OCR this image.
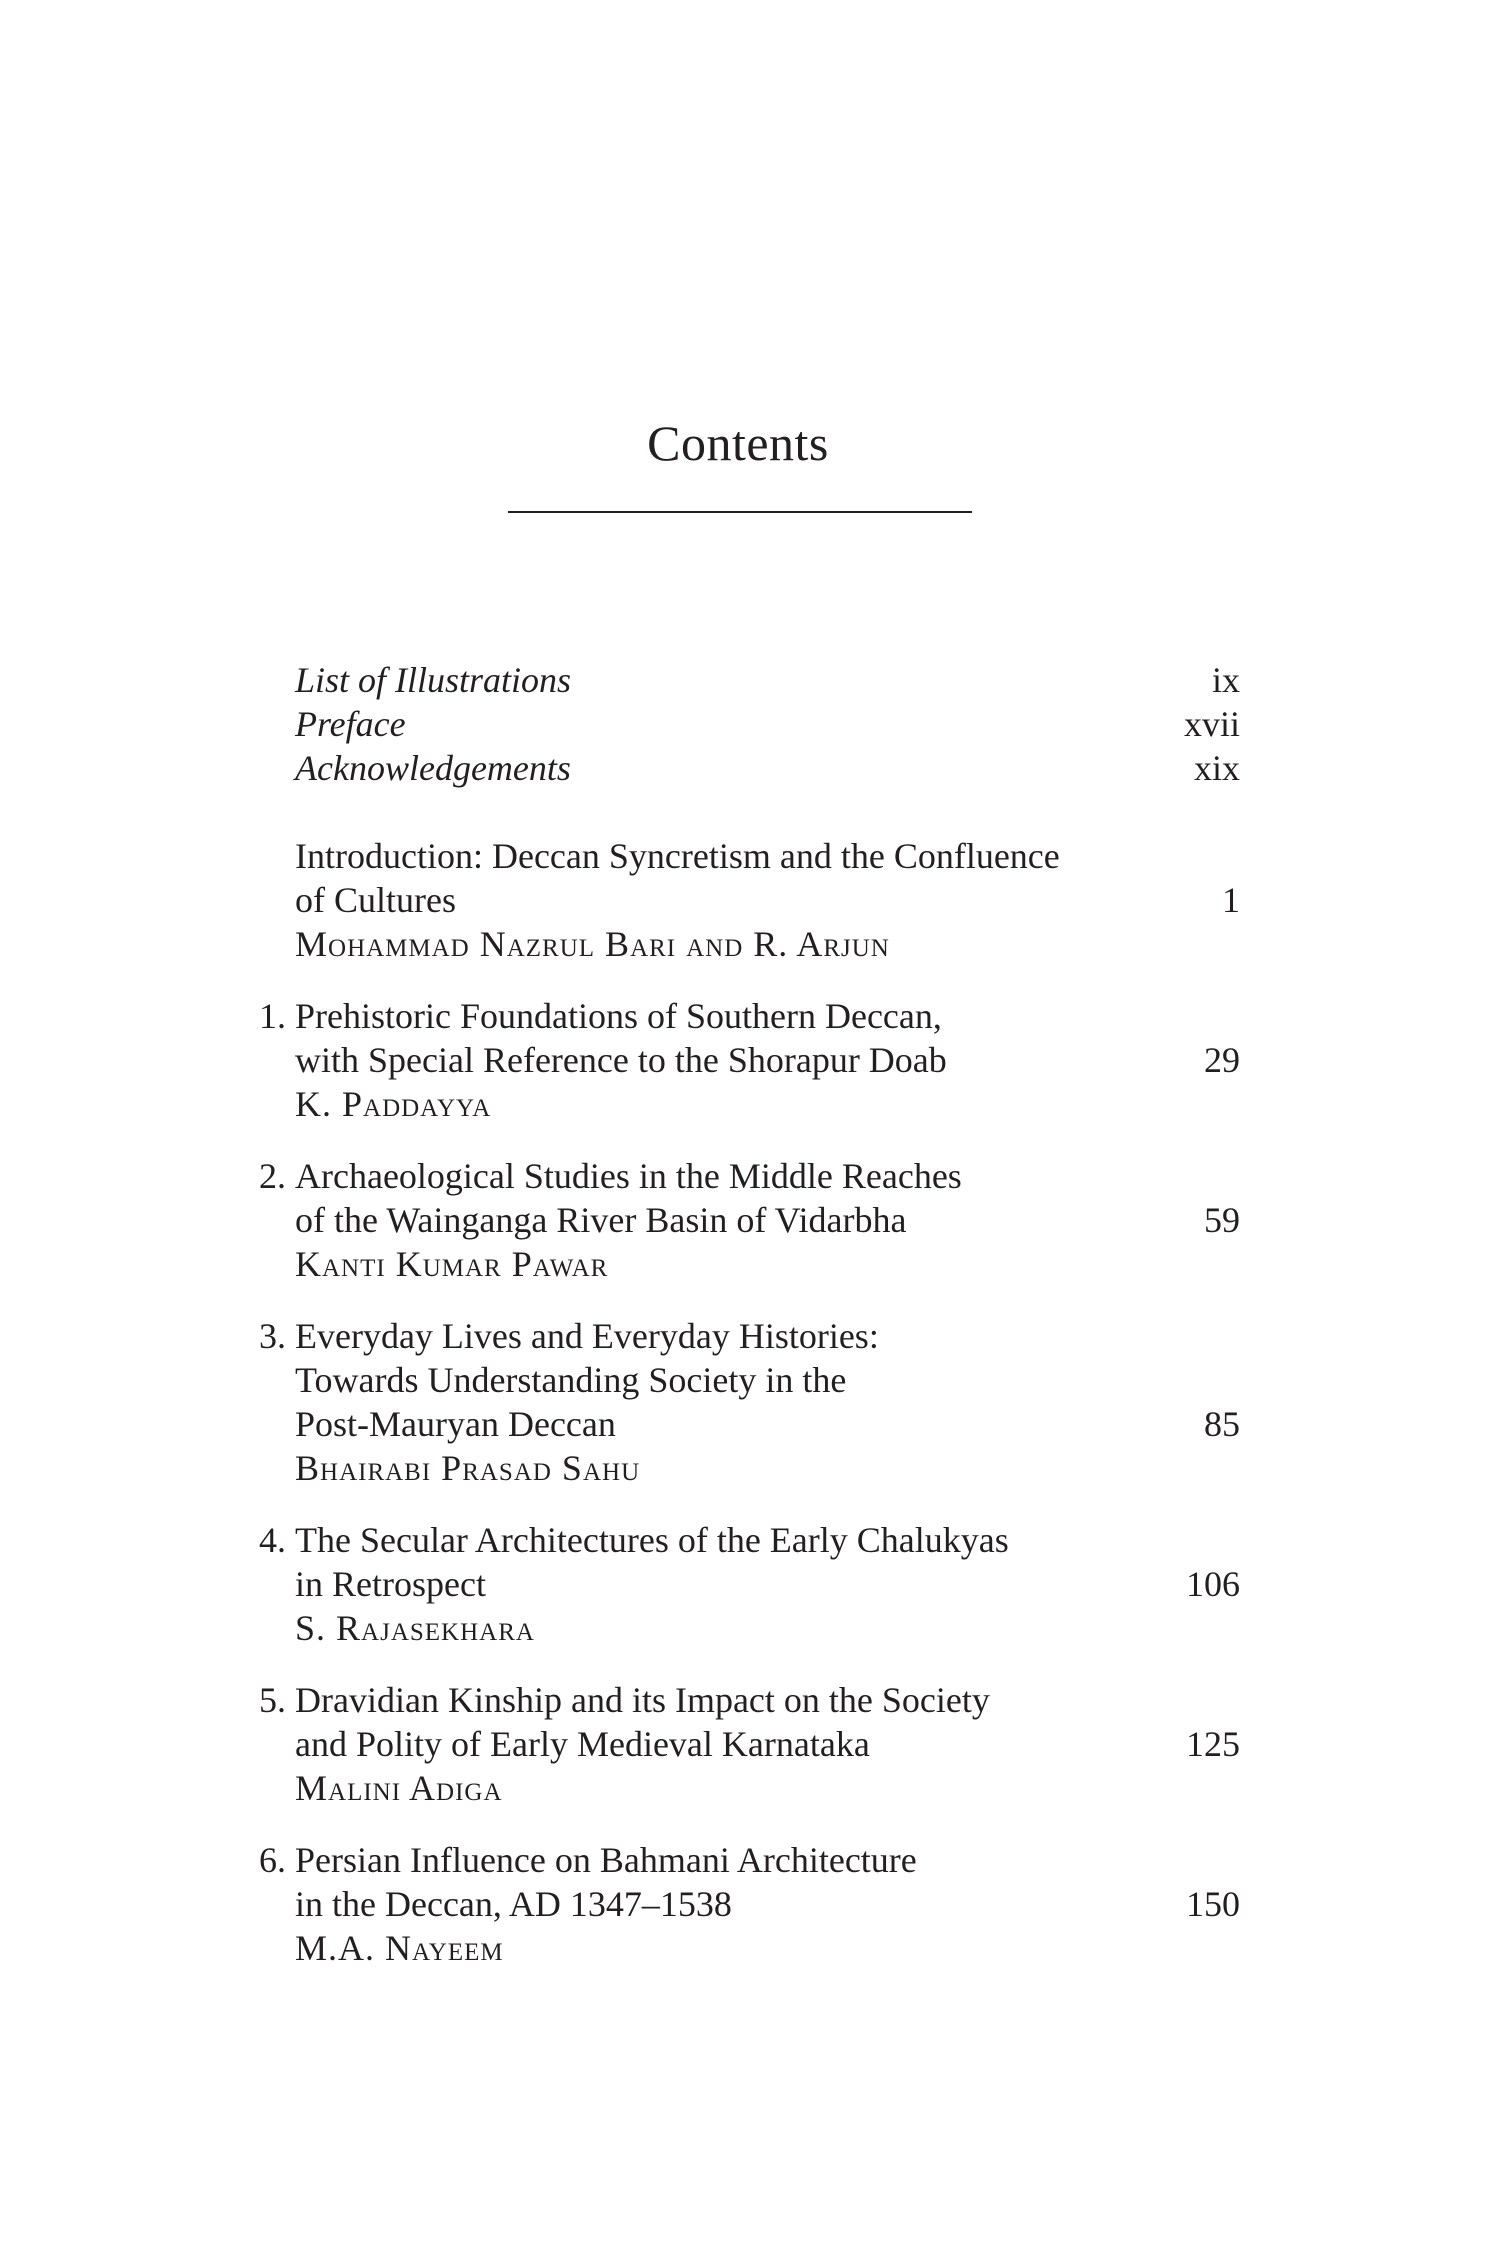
Contents
List of Illustrations	ix
Preface	xvii
Acknowledgements	xix
Introduction: Deccan Syncretism and the Confluence
of Cultures	1
Mohammad Nazrul Bari and R. Arjun
1. Prehistoric Foundations of Southern Deccan,
with Special Reference to the Shorapur Doab	29
K. Paddayya
2. Archaeological Studies in the Middle Reaches
of the Wainganga River Basin of Vidarbha	59
Kanti Kumar Pawar
3. Everyday Lives and Everyday Histories:
Towards Understanding Society in the
Post-Mauryan Deccan	85
Bhairabi Prasad Sahu
4. The Secular Architectures of the Early Chalukyas
in Retrospect	106
S. Rajasekhara
5. Dravidian Kinship and its Impact on the Society
and Polity of Early Medieval Karnataka	125
Malini Adiga
6. Persian Influence on Bahmani Architecture
in the Deccan, AD 1347–1538	150
M.A. Nayeem
